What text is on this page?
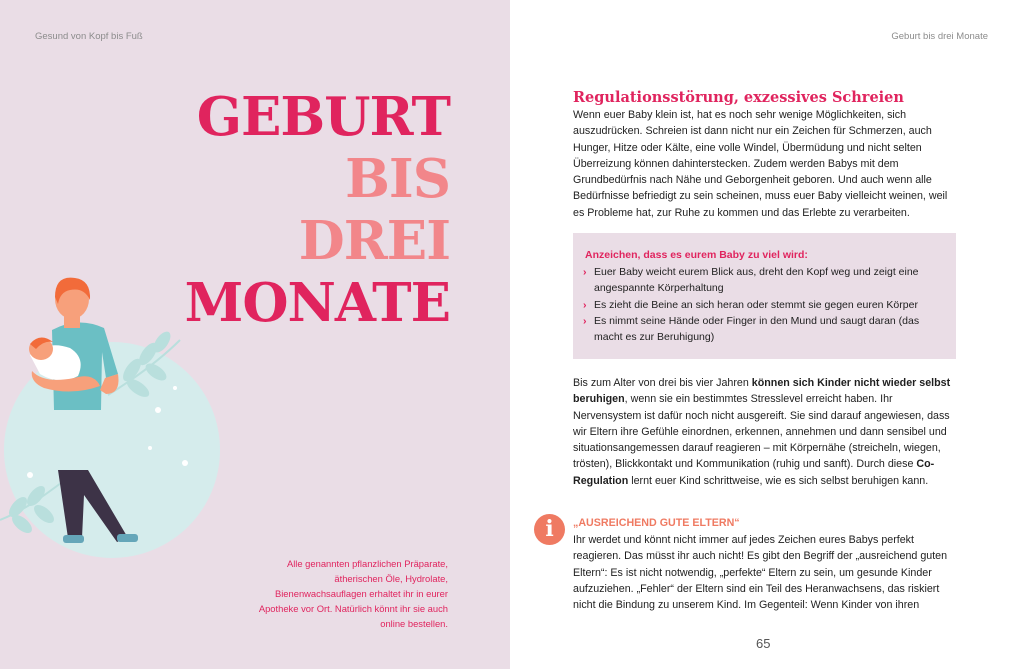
Gesund von Kopf bis Fuß
GEBURT
BIS
DREI
MONATE
Alle genannten pflanzlichen Präparate, ätherischen Öle, Hydrolate, Bienenwachsauflagen erhaltet ihr in eurer Apotheke vor Ort. Natürlich könnt ihr sie auch online bestellen.
Geburt bis drei Monate
Regulationsstörung, exzessives Schreien
Wenn euer Baby klein ist, hat es noch sehr wenige Möglichkeiten, sich auszudrücken. Schreien ist dann nicht nur ein Zeichen für Schmerzen, auch Hunger, Hitze oder Kälte, eine volle Windel, Übermüdung und nicht selten Überreizung können dahinterstecken. Zudem werden Babys mit dem Grundbedürfnis nach Nähe und Geborgenheit geboren. Und auch wenn alle Bedürfnisse befriedigt zu sein scheinen, muss euer Baby vielleicht weinen, weil es Probleme hat, zur Ruhe zu kommen und das Erlebte zu verarbeiten.
Anzeichen, dass es eurem Baby zu viel wird:
› Euer Baby weicht eurem Blick aus, dreht den Kopf weg und zeigt eine angespannte Körperhaltung
› Es zieht die Beine an sich heran oder stemmt sie gegen euren Körper
› Es nimmt seine Hände oder Finger in den Mund und saugt daran (das macht es zur Beruhigung)
Bis zum Alter von drei bis vier Jahren können sich Kinder nicht wieder selbst beruhigen, wenn sie ein bestimmtes Stresslevel erreicht haben. Ihr Nervensystem ist dafür noch nicht ausgereift. Sie sind darauf angewiesen, dass wir Eltern ihre Gefühle einordnen, erkennen, annehmen und dann sensibel und situationsangemessen darauf reagieren – mit Körpernähe (streicheln, wiegen, trösten), Blickkontakt und Kommunikation (ruhig und sanft). Durch diese Co-Regulation lernt euer Kind schrittweise, wie es sich selbst beruhigen kann.
i	„AUSREICHEND GUTE ELTERN“
Ihr werdet und könnt nicht immer auf jedes Zeichen eures Babys perfekt reagieren. Das müsst ihr auch nicht! Es gibt den Begriff der „ausreichend guten Eltern“: Es ist nicht notwendig, „perfekte“ Eltern zu sein, um gesunde Kinder aufzuziehen. „Fehler“ der Eltern sind ein Teil des Heranwachsens, das riskiert nicht die Bindung zu unserem Kind. Im Gegenteil: Wenn Kinder von ihren
65
